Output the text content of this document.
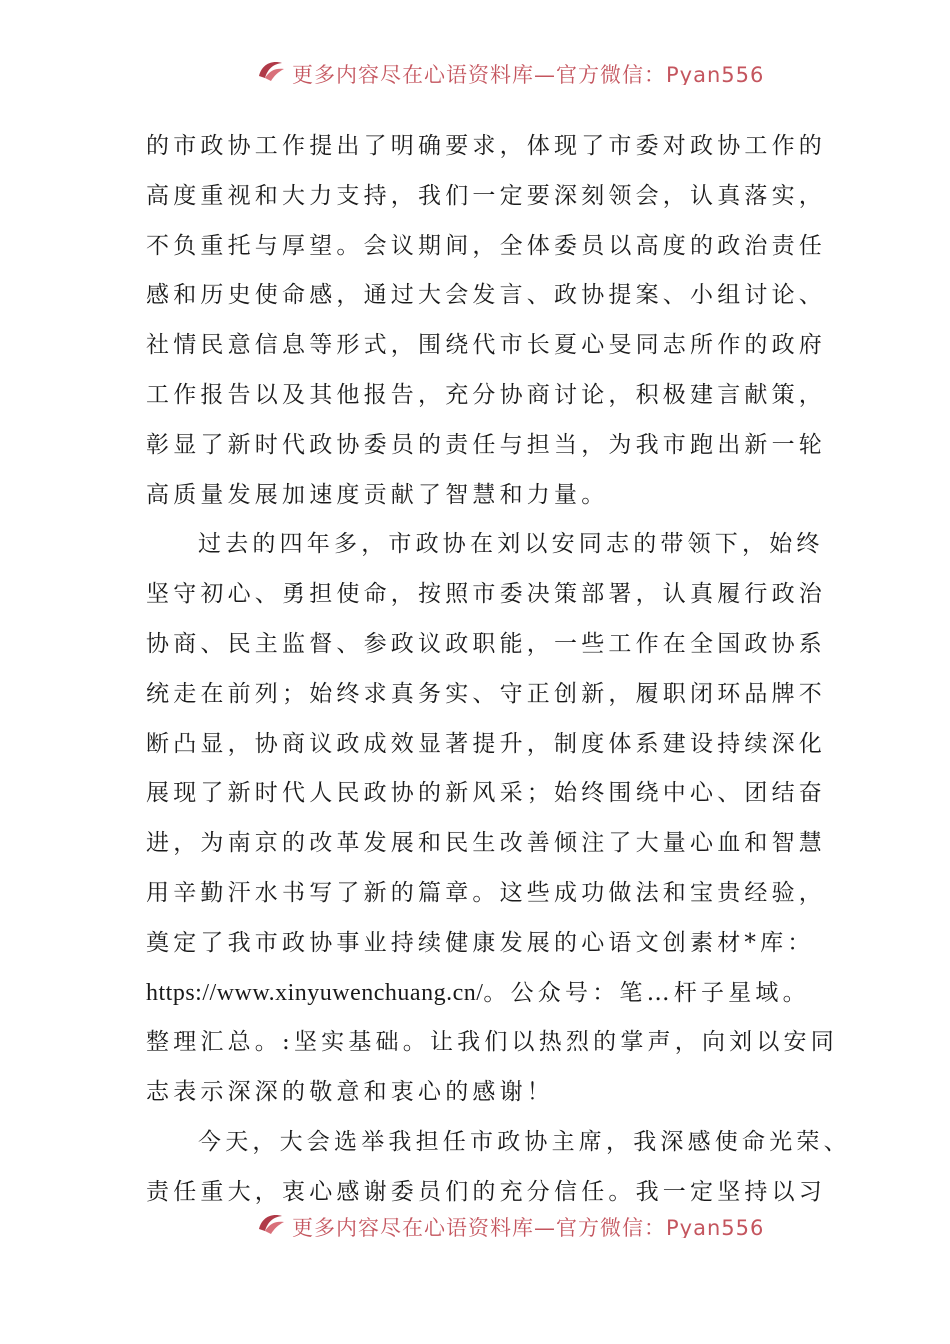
更多内容尽在心语资料库—官方微信：Pyan556
的市政协工作提出了明确要求，体现了市委对政协工作的
高度重视和大力支持，我们一定要深刻领会，认真落实，
不负重托与厚望。会议期间，全体委员以高度的政治责任
感和历史使命感，通过大会发言、政协提案、小组讨论、
社情民意信息等形式，围绕代市长夏心旻同志所作的政府
工作报告以及其他报告，充分协商讨论，积极建言献策，
彰显了新时代政协委员的责任与担当，为我市跑出新一轮
高质量发展加速度贡献了智慧和力量。
过去的四年多，市政协在刘以安同志的带领下，始终
坚守初心、勇担使命，按照市委决策部署，认真履行政治
协商、民主监督、参政议政职能，一些工作在全国政协系
统走在前列；始终求真务实、守正创新，履职闭环品牌不
断凸显，协商议政成效显著提升，制度体系建设持续深化
展现了新时代人民政协的新风采；始终围绕中心、团结奋
进，为南京的改革发展和民生改善倾注了大量心血和智慧
用辛勤汗水书写了新的篇章。这些成功做法和宝贵经验，
奠定了我市政协事业持续健康发展的心语文创素材*库：
https://www.xinyuwenchuang.cn/。公众号：笔…杆子星域。
整理汇总。:坚实基础。让我们以热烈的掌声，向刘以安同
志表示深深的敬意和衷心的感谢！
今天，大会选举我担任市政协主席，我深感使命光荣、
责任重大，衷心感谢委员们的充分信任。我一定坚持以习
更多内容尽在心语资料库—官方微信：Pyan556
